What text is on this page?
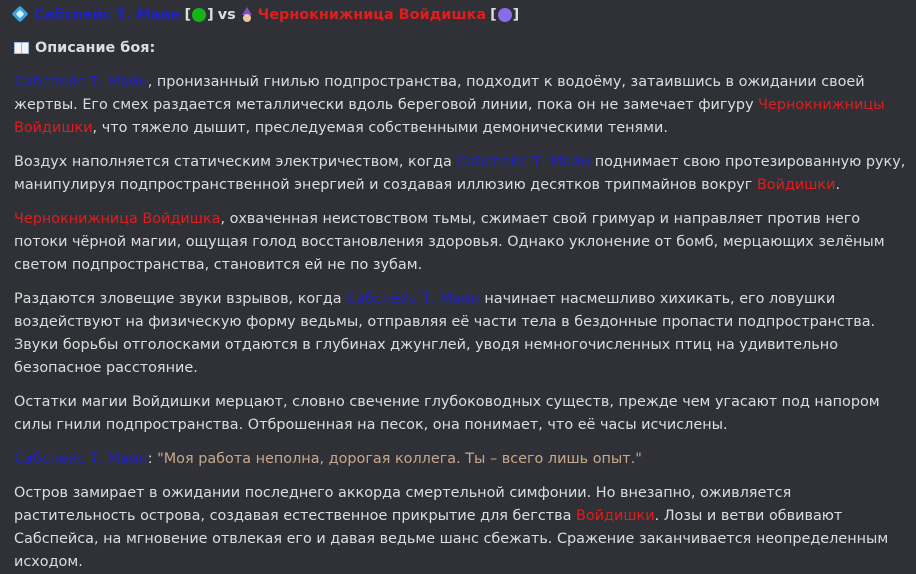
Сабспейс Т. Майн [ ] vs Чернокнижница Войдишка [ ]
Описание боя:

Сабспейс Т. Майн, пронизанный гнилью подпространства, подходит к водоёму, затаившись в ожидании своей жертвы. Его смех раздается металлически вдоль береговой линии, пока он не замечает фигуру Чернокнижницы Войдишки, что тяжело дышит, преследуемая собственными демоническими тенями.

Воздух наполняется статическим электричеством, когда Сабспейс Т. Майн поднимает свою протезированную руку, манипулируя подпространственной энергией и создавая иллюзию десятков трипмайнов вокруг Войдишки.

Чернокнижница Войдишка, охваченная неистовством тьмы, сжимает свой гримуар и направляет против него потоки чёрной магии, ощущая голод восстановления здоровья. Однако уклонение от бомб, мерцающих зелёным светом подпространства, становится ей не по зубам.

Раздаются зловещие звуки взрывов, когда Сабспейс Т. Майн начинает насмешливо хихикать, его ловушки воздействуют на физическую форму ведьмы, отправляя её части тела в бездонные пропасти подпространства. Звуки борьбы отголосками отдаются в глубинах джунглей, уводя немногочисленных птиц на удивительно безопасное расстояние.

Остатки магии Войдишки мерцают, словно свечение глубоководных существ, прежде чем угасают под напором силы гнили подпространства. Отброшенная на песок, она понимает, что её часы исчислены.

Сабспейс Т. Майн: "Моя работа неполна, дорогая коллега. Ты – всего лишь опыт."

Остров замирает в ожидании последнего аккорда смертельной симфонии. Но внезапно, оживляется растительность острова, создавая естественное прикрытие для бегства Войдишки. Лозы и ветви обвивают Сабспейса, на мгновение отвлекая его и давая ведьме шанс сбежать. Сражение заканчивается неопределенным исходом.
